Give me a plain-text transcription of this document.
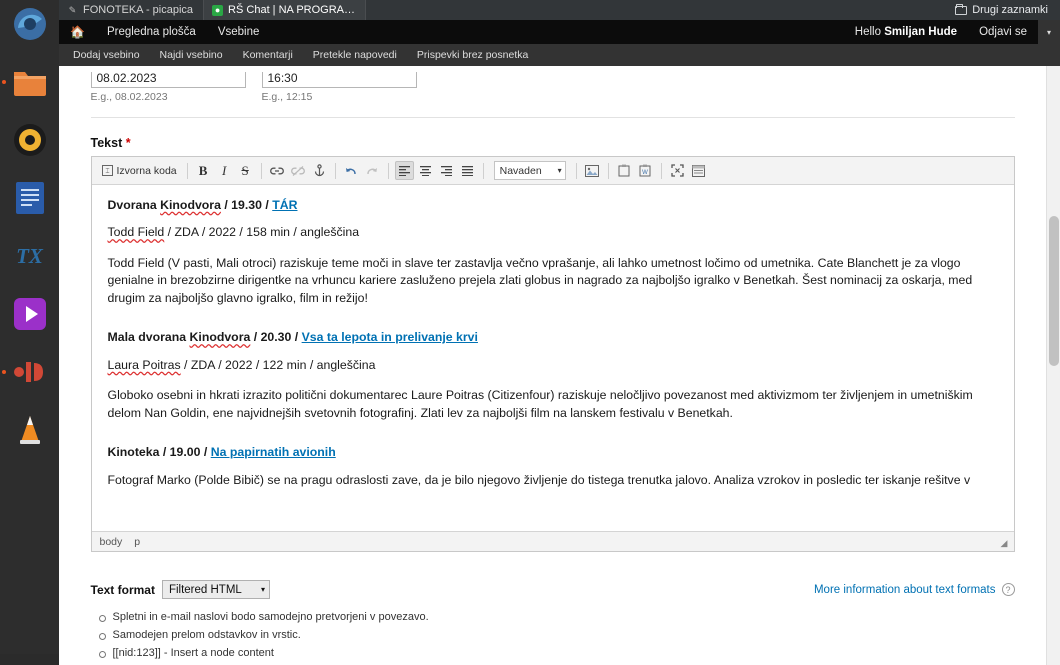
TX
✎ FONOTEKA - picapica	● RŠ Chat | NA PROGRA…	Drugi zaznamki
🏠	Pregledna plošča Vsebine	Hello
Smiljan Hude Odjavi se ▾
Dodaj vsebino Najdi vsebino Komentarji Pretekle napovedi Prispevki brez posnetka
08.02.2023
E.g., 08.02.2023
16:30
E.g., 12:15
Tekst *
⌶ Izvorna koda B I S	Navaden ▾	W

Dvorana Kinodvora / 19.30 / TÁR

Todd Field / ZDA / 2022 / 158 min / angleščina

Todd Field (V pasti, Mali otroci) raziskuje teme moči in slave ter zastavlja večno vprašanje, ali lahko umetnost ločimo od umetnika. Cate Blanchett je za vlogo genialne in brezobzirne dirigentke na vrhuncu kariere zasluženo prejela zlati globus in nagrado za najboljšo igralko v Benetkah. Šest nominacij za oskarja, med drugim za najboljšo glavno igralko, film in režijo!

Mala dvorana Kinodvora / 20.30 / Vsa ta lepota in prelivanje krvi

Laura Poitras / ZDA / 2022 / 122 min / angleščina

Globoko osebni in hkrati izrazito politični dokumentarec Laure Poitras (Citizenfour) raziskuje neločljivo povezanost med aktivizmom ter življenjem in umetniškim delom Nan Goldin, ene najvidnejših svetovnih fotografinj. Zlati lev za najboljši film na lanskem festivalu v Benetkah.

Kinoteka / 19.00 / Na papirnatih avionih

Fotograf Marko (Polde Bibič) se na pragu odraslosti zave, da je bilo njegovo življenje do tistega trenutka jalovo. Analiza vzrokov in posledic ter iskanje rešitve v

body p	◢
Text format Filtered HTML ▾	More information about text formats	?
Spletni in e-mail naslovi bodo samodejno pretvorjeni v povezavo.
Samodejen prelom odstavkov in vrstic.
[[nid:123]] - Insert a node content
